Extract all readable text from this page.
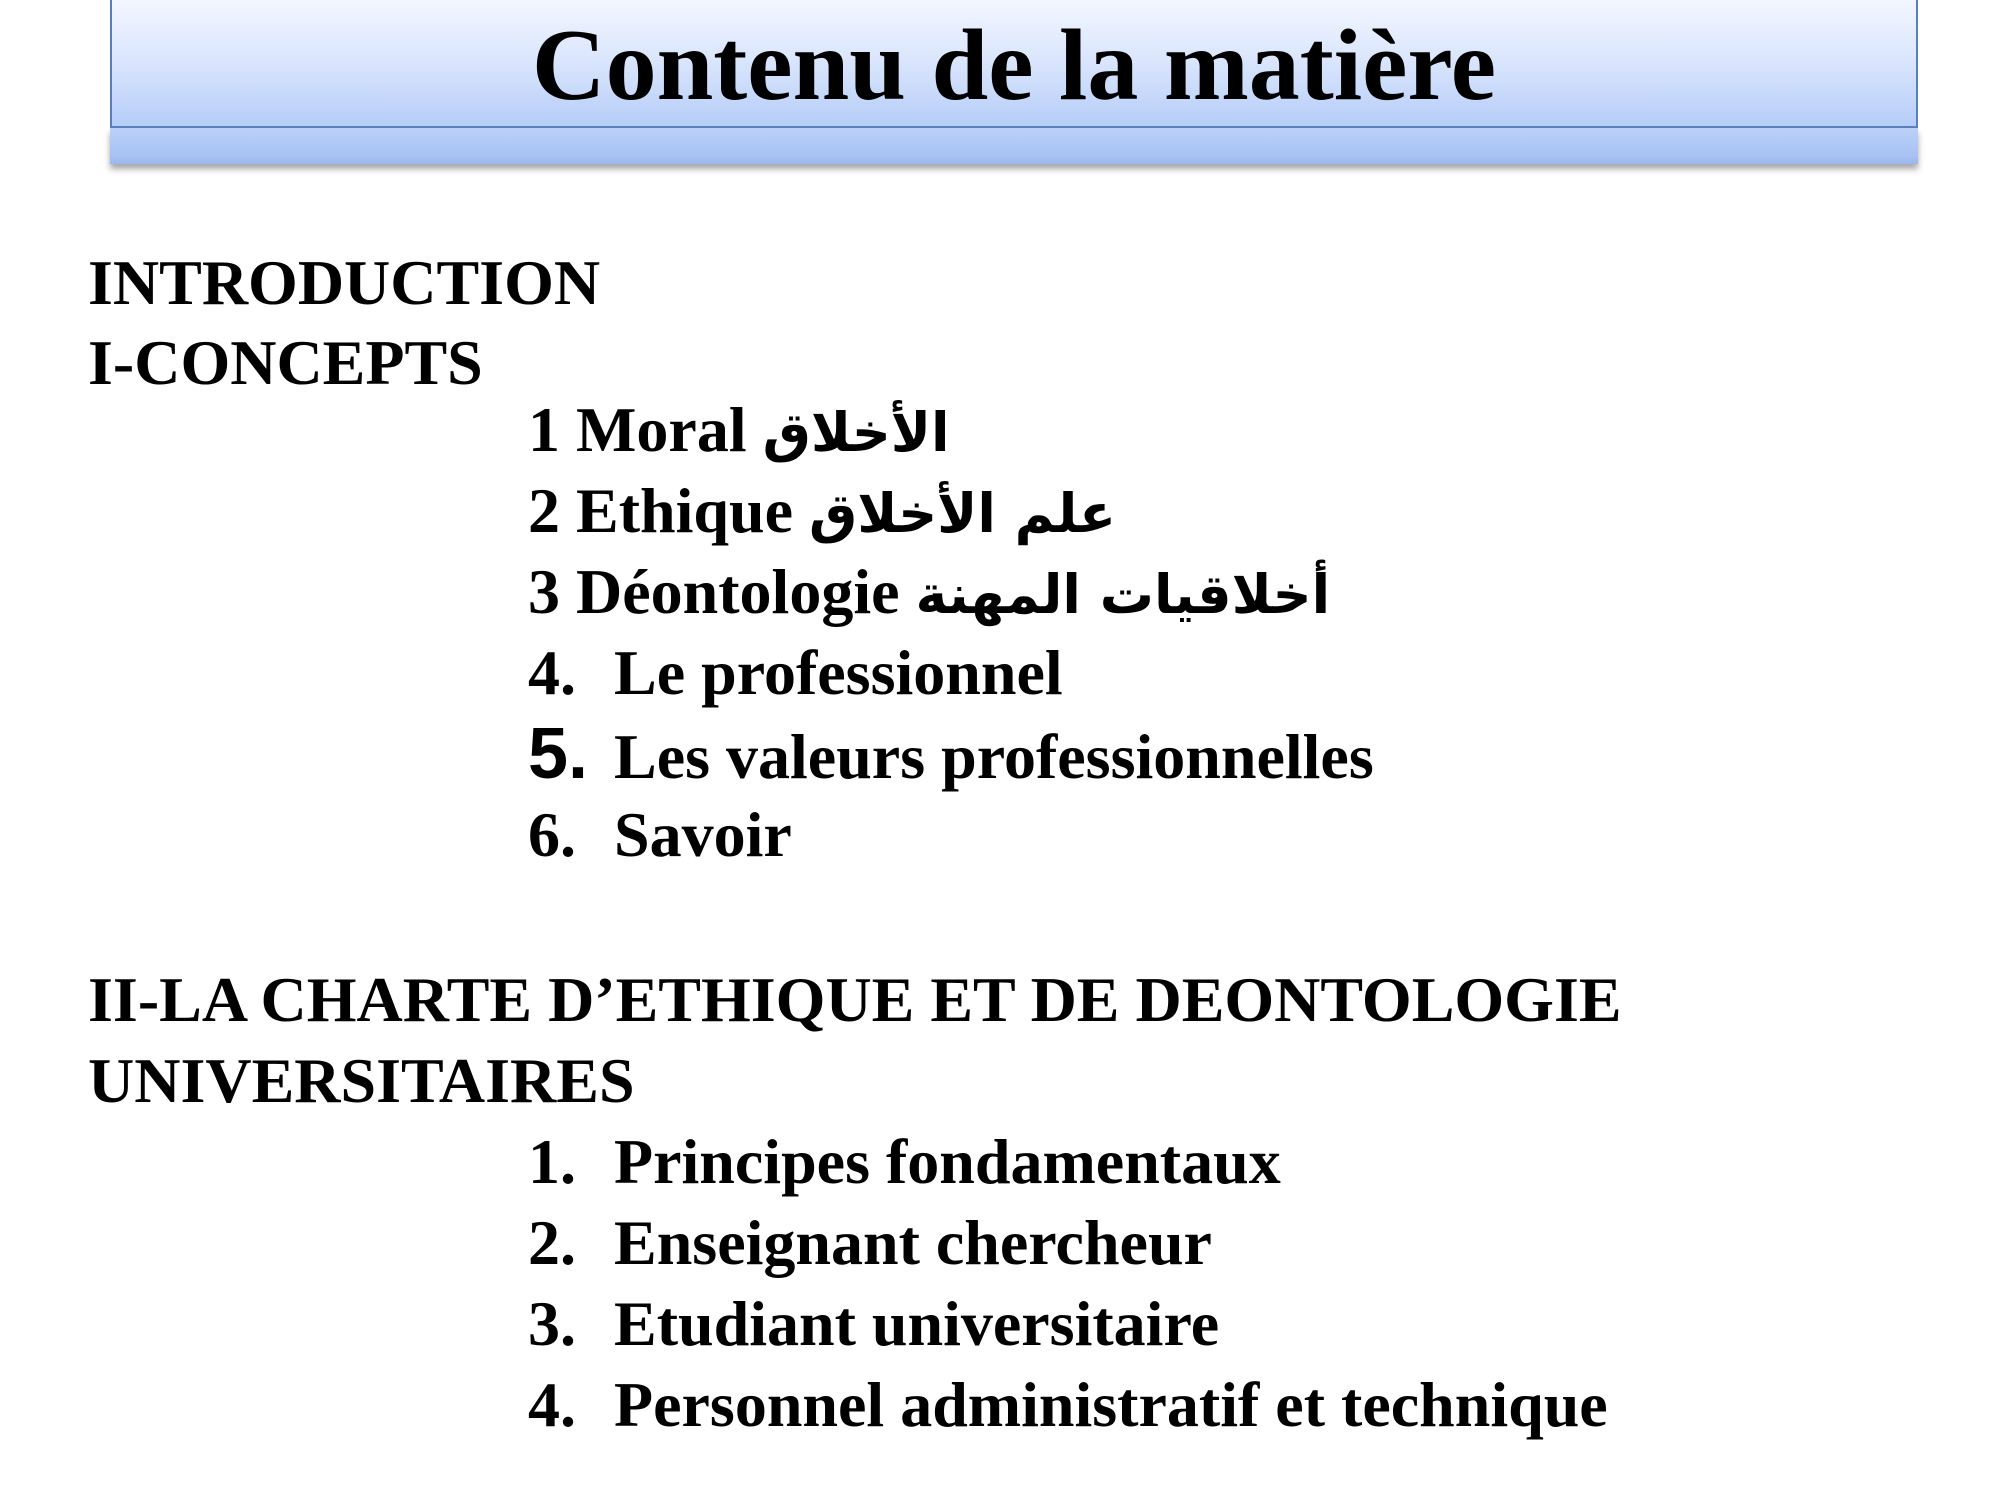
Contenu de la matière
INTRODUCTION
I-CONCEPTS
1 Moral الأخلاق
2 Ethique علم الأخلاق
3 Déontologie أخلاقيات المهنة
4. Le professionnel
5. Les valeurs professionnelles
6. Savoir
II-LA CHARTE D’ETHIQUE ET DE DEONTOLOGIE
UNIVERSITAIRES
1. Principes fondamentaux
2. Enseignant chercheur
3. Etudiant universitaire
4. Personnel administratif et technique
